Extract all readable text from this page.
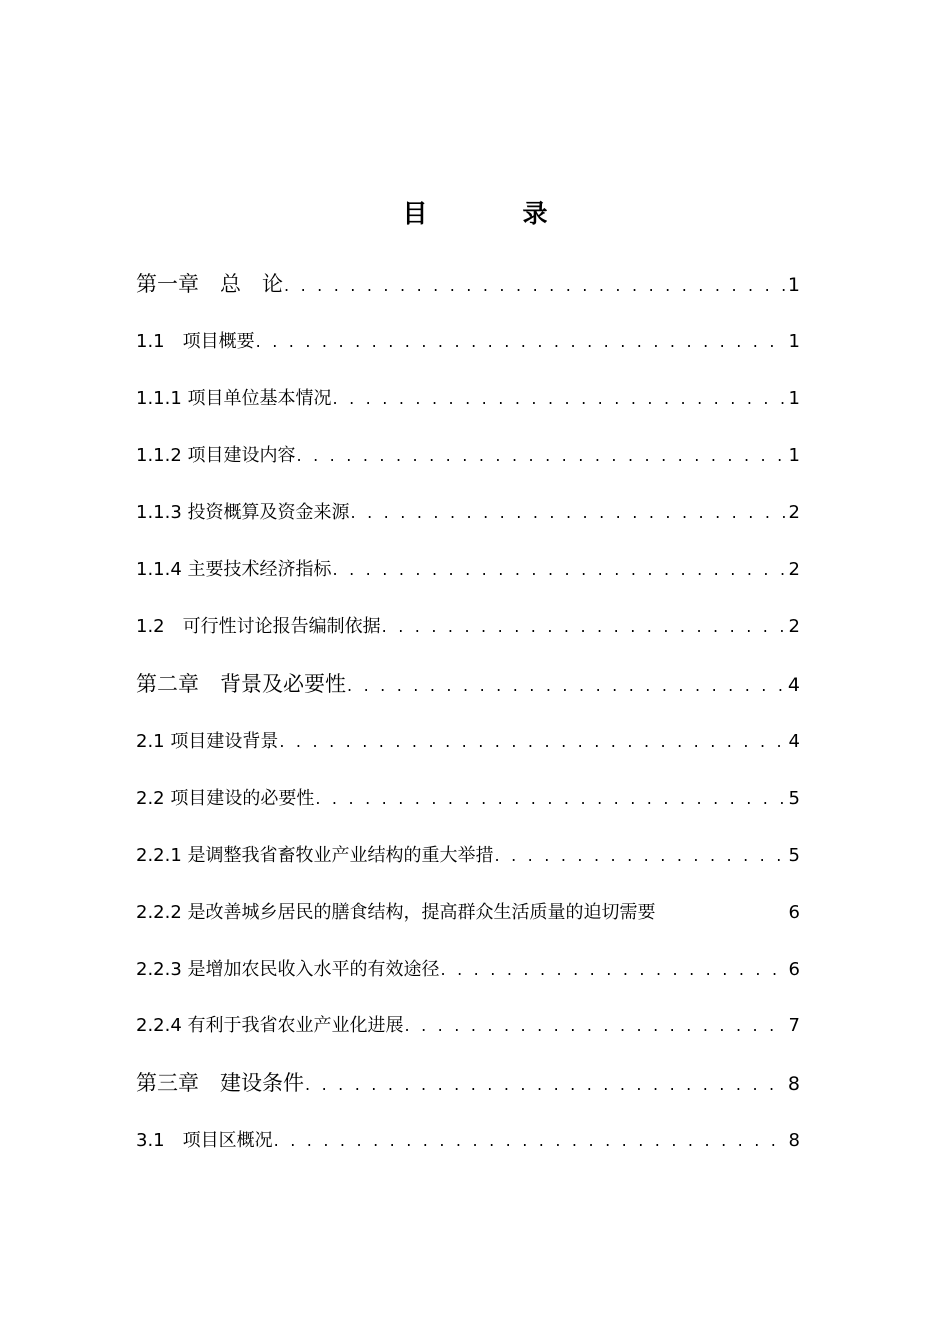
目	录
第一章　总　论 . . .	1
1.1　项目概要 . . .	1
1.1.1 项目单位基本情况 . . .	1
1.1.2 项目建设内容 . . .	1
1.1.3 投资概算及资金来源 . . .	2
1.1.4 主要技术经济指标 . . .	2
1.2　可行性讨论报告编制依据 . . .	2
第二章　背景及必要性 . . .	4
2.1 项目建设背景 . . .	4
2.2 项目建设的必要性 . . .	5
2.2.1 是调整我省畜牧业产业结构的重大举措 . . .	5
2.2.2 是改善城乡居民的膳食结构，提高群众生活质量的迫切需要	6
2.2.3 是增加农民收入水平的有效途径 . . .	6
2.2.4 有利于我省农业产业化进展 . . .	7
第三章　建设条件 . . .	8
3.1　项目区概况 . . .	8
